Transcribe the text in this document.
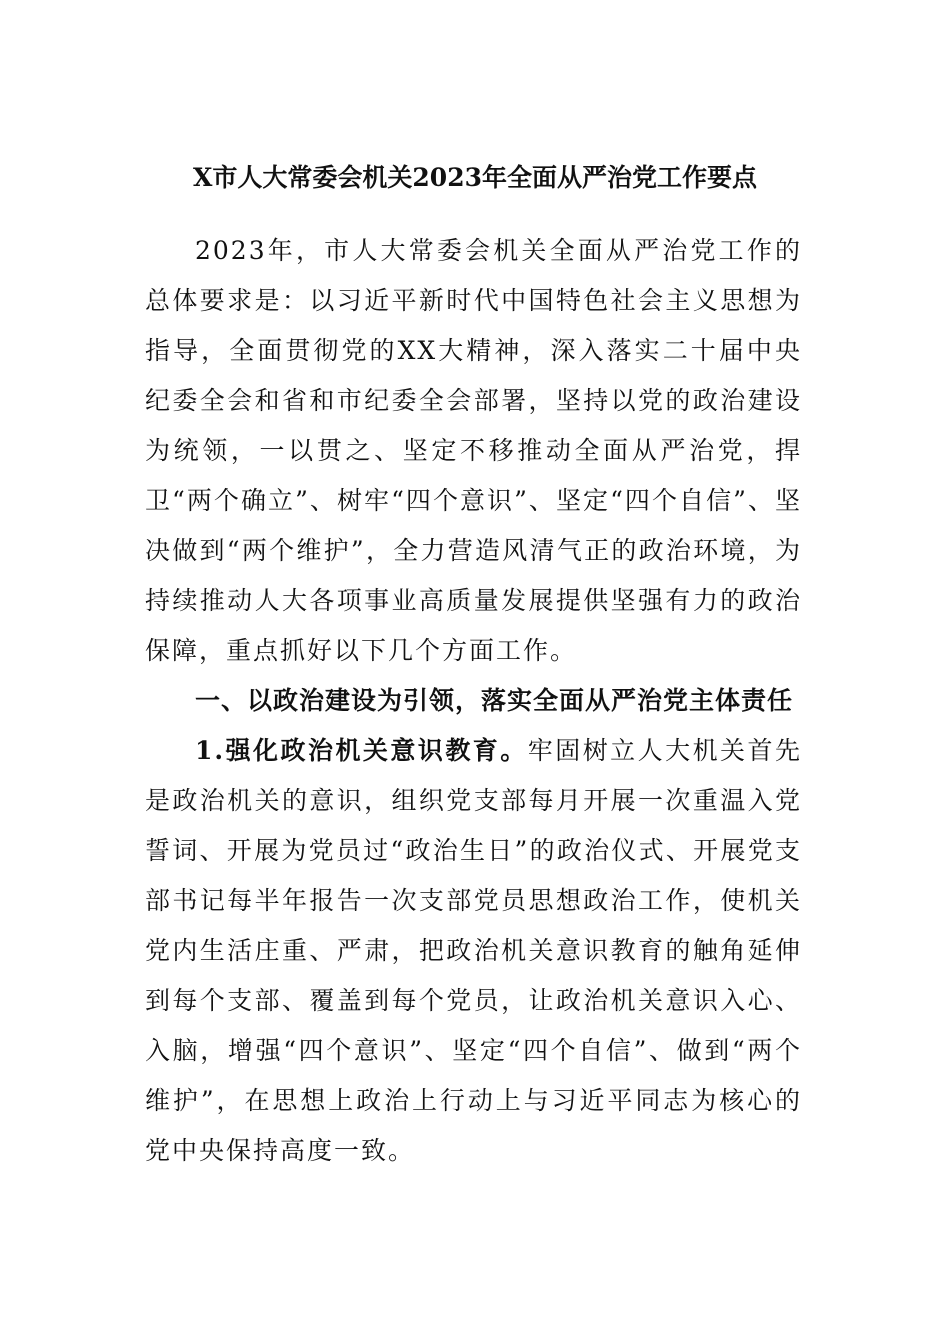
X市人大常委会机关2023年全面从严治党工作要点

2023年，市人大常委会机关全面从严治党工作的总体要求是：以习近平新时代中国特色社会主义思想为指导，全面贯彻党的XX大精神，深入落实二十届中央纪委全会和省和市纪委全会部署，坚持以党的政治建设为统领，一以贯之、坚定不移推动全面从严治党，捍卫“两个确立”、树牢“四个意识”、坚定“四个自信”、坚决做到“两个维护”，全力营造风清气正的政治环境，为持续推动人大各项事业高质量发展提供坚强有力的政治保障，重点抓好以下几个方面工作。

一、以政治建设为引领，落实全面从严治党主体责任

1.强化政治机关意识教育。牢固树立人大机关首先是政治机关的意识，组织党支部每月开展一次重温入党誓词、开展为党员过“政治生日”的政治仪式、开展党支部书记每半年报告一次支部党员思想政治工作，使机关党内生活庄重、严肃，把政治机关意识教育的触角延伸到每个支部、覆盖到每个党员，让政治机关意识入心、入脑，增强“四个意识”、坚定“四个自信”、做到“两个维护”，在思想上政治上行动上与习近平同志为核心的党中央保持高度一致。
